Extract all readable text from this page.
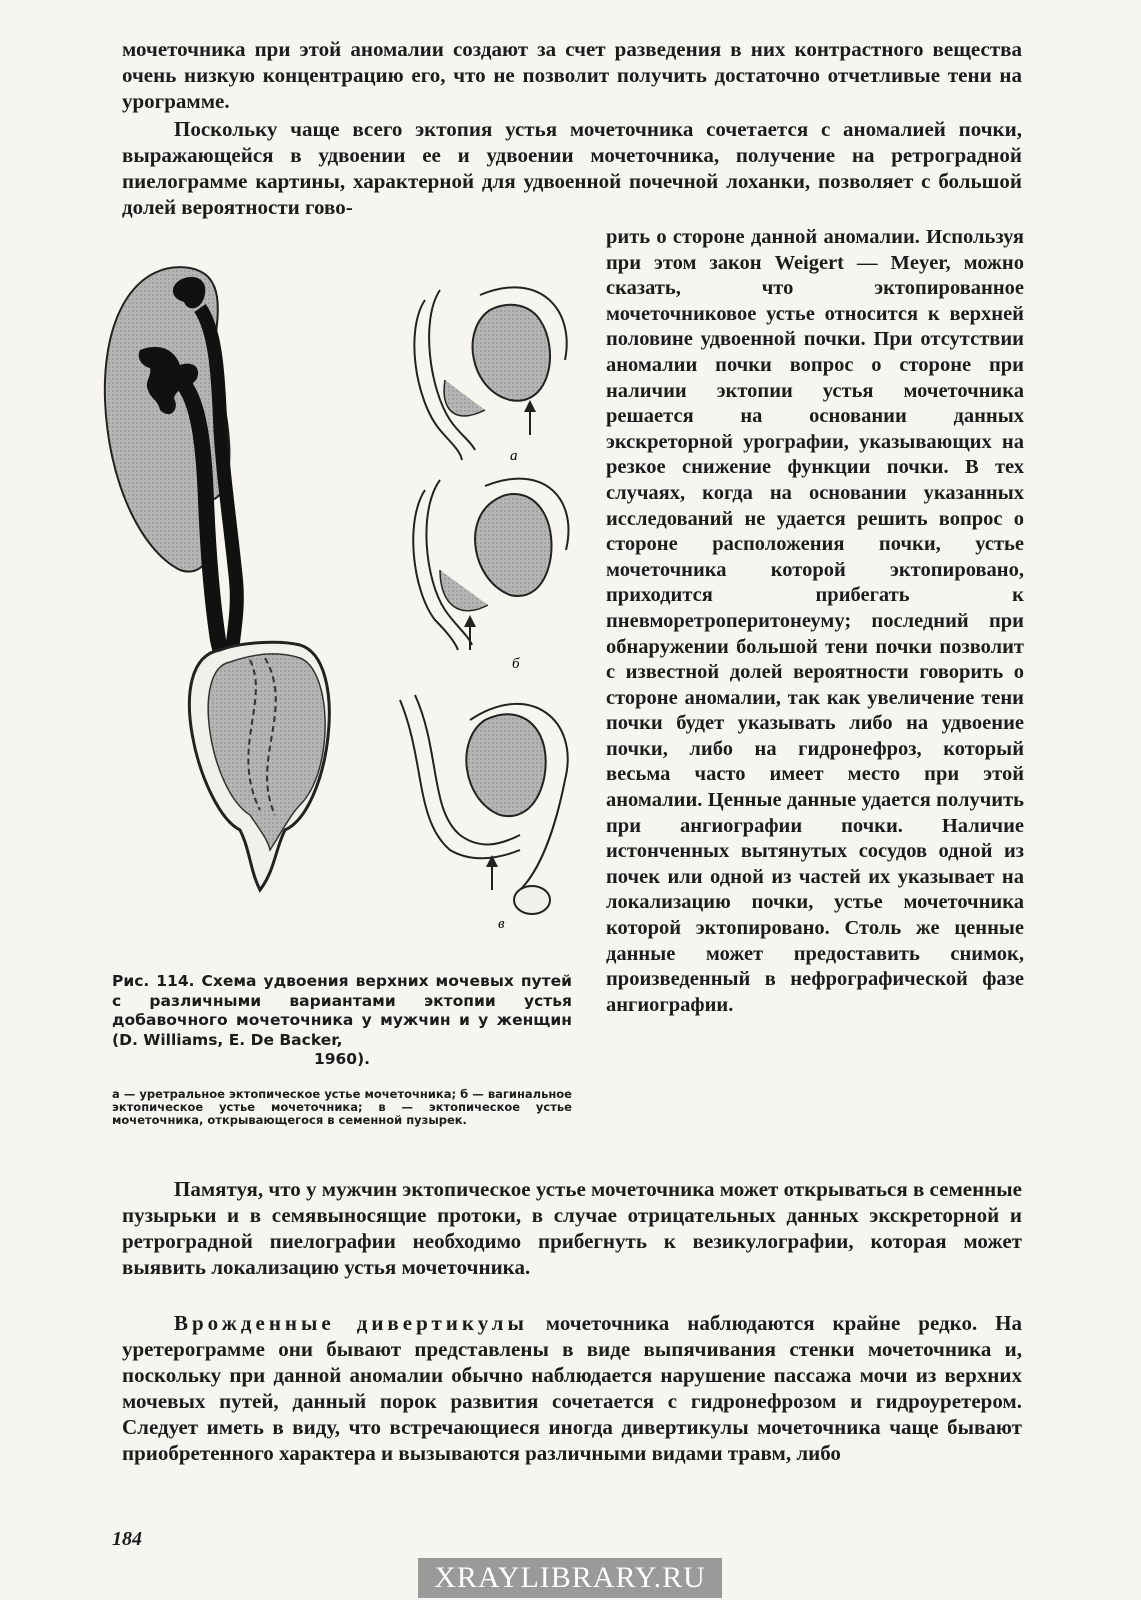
мочеточника при этой аномалии создают за счет разведения в них контрастного вещества очень низкую концентрацию его, что не позволит получить достаточно отчетливые тени на урограмме.

Поскольку чаще всего эктопия устья мочеточника сочетается с аномалией почки, выражающейся в удвоении ее и удвоении мочеточника, получение на ретроградной пиелограмме картины, характерной для удвоенной почечной лоханки, позволяет с большой долей вероятности гово-

а
б
в

рить о стороне данной аномалии. Используя при этом закон Weigert — Meyer, можно сказать, что эктопированное мочеточниковое устье относится к верхней половине удвоенной почки. При отсутствии аномалии почки вопрос о стороне при наличии эктопии устья мочеточника решается на основании данных экскреторной урографии, указывающих на резкое снижение функции почки. В тех случаях, когда на основании указанных исследований не удается решить вопрос о стороне расположения почки, устье мочеточника которой эктопировано, приходится прибегать к пневморетроперитонеуму; последний при обнаружении большой тени почки позволит с известной долей вероятности говорить о стороне аномалии, так как увеличение тени почки будет указывать либо на удвоение почки, либо на гидронефроз, который весьма часто имеет место при этой аномалии. Ценные данные удается получить при ангиографии почки. Наличие истонченных вытянутых сосудов одной из почек или одной из частей их указывает на локализацию почки, устье мочеточника которой эктопировано. Столь же ценные данные может предоставить снимок, произведенный в нефрографической фазе ангиографии.

Рис. 114. Схема удвоения верхних мочевых путей с различными вариантами эктопии устья добавочного мочеточника у мужчин и у женщин (D. Williams, E. De Backer,
1960).

а — уретральное эктопическое устье мочеточника; б — вагинальное эктопическое устье мочеточника; в — эктопическое устье мочеточника, открывающегося в семенной пузырек.

Памятуя, что у мужчин эктопическое устье мочеточника может открываться в семенные пузырьки и в семявыносящие протоки, в случае отрицательных данных экскреторной и ретроградной пиелографии необходимо прибегнуть к везикулографии, которая может выявить локализацию устья мочеточника.

Врожденные дивертикулы мочеточника наблюдаются крайне редко. На уретерограмме они бывают представлены в виде выпячивания стенки мочеточника и, поскольку при данной аномалии обычно наблюдается нарушение пассажа мочи из верхних мочевых путей, данный порок развития сочетается с гидронефрозом и гидроуретером. Следует иметь в виду, что встречающиеся иногда дивертикулы мочеточника чаще бывают приобретенного характера и вызываются различными видами травм, либо

184
XRAYLIBRARY.RU
